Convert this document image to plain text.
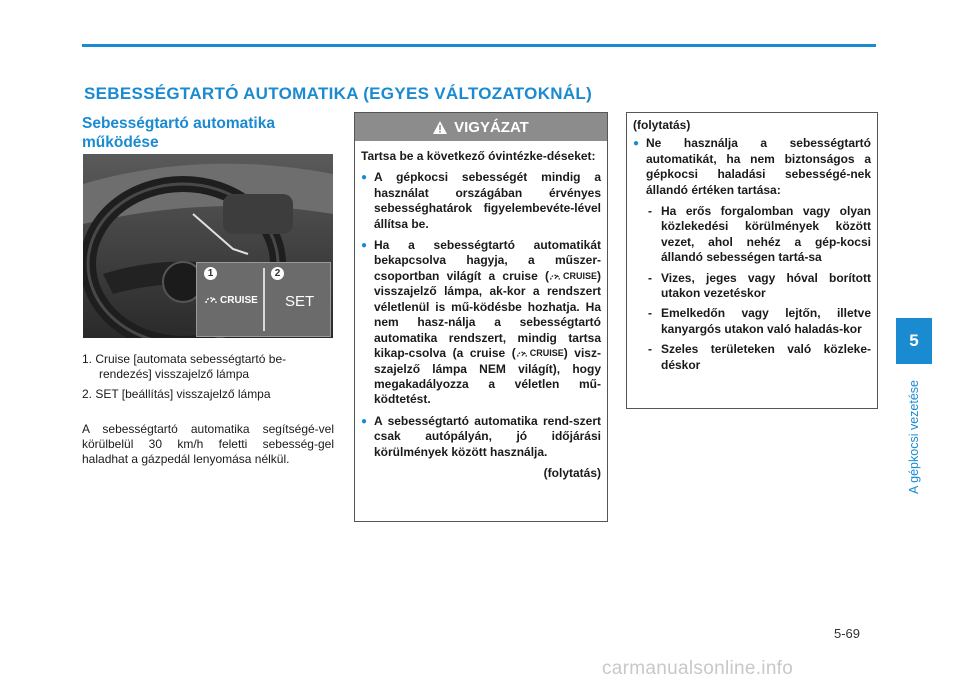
SEBESSÉGTARTÓ AUTOMATIKA (EGYES VÁLTOZATOKNÁL)
Sebességtartó automatika működése
1	2
CRUISE SET
1. Cruise [automata sebességtartó be-rendezés] visszajelző lámpa
2. SET [beállítás] visszajelző lámpa
A sebességtartó automatika segítségé-vel körülbelül 30 km/h feletti sebesség-gel haladhat a gázpedál lenyomása nélkül.
VIGYÁZAT

Tartsa be a következő óvintézke-déseket:

● A gépkocsi sebességét mindig a használat országában érvényes sebességhatárok figyelembevéte-lével állítsa be.
● Ha a sebességtartó automatikát bekapcsolva hagyja, a műszer-csoportban világít a cruise ( CRUISE ) visszajelző lámpa, ak-kor a rendszert véletlenül is mű-ködésbe hozhatja. Ha nem hasz-nálja a sebességtartó automatika rendszert, mindig tartsa kikap-csolva (a cruise ( CRUISE ) visz-szajelző lámpa NEM világít), hogy megakadályozza a véletlen mű-ködtetést.
● A sebességtartó automatika rend-szert csak autópályán, jó időjárási körülmények között használja.
(folytatás)

(folytatás)

● Ne használja a sebességtartó automatikát, ha nem biztonságos a gépkocsi haladási sebességé-nek állandó értéken tartása:
- Ha erős forgalomban vagy olyan közlekedési körülmények között vezet, ahol nehéz a gép-kocsi állandó sebességen tartá-sa
- Vizes, jeges vagy hóval borított utakon vezetéskor
- Emelkedőn vagy lejtőn, illetve kanyargós utakon való haladás-kor
- Szeles területeken való közleke-déskor
5
A gépkocsi vezetése
5-69
carmanualsonline.info
